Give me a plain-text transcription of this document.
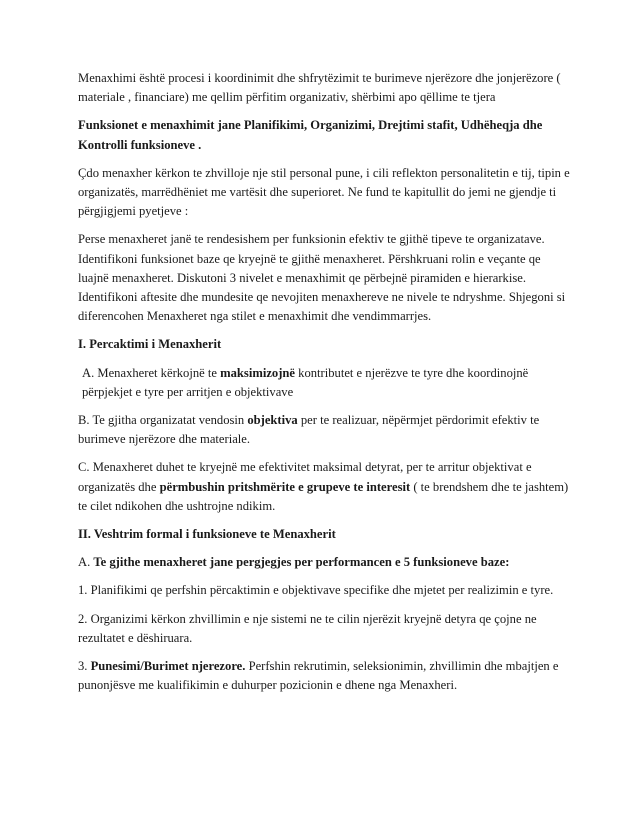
Menaxhimi është procesi i koordinimit dhe shfrytëzimit te burimeve njerëzore dhe jonjerëzore ( materiale , financiare) me qellim përfitim organizativ, shërbimi apo qëllime te tjera

Funksionet e menaxhimit jane Planifikimi, Organizimi, Drejtimi stafit, Udhëheqja dhe Kontrolli funksioneve .

Çdo menaxher kërkon te zhvilloje nje stil personal pune, i cili reflekton personalitetin e tij, tipin e organizatës, marrëdhëniet me vartësit dhe superioret. Ne fund te kapitullit do jemi ne gjendje ti përgjigjemi pyetjeve :

Perse menaxheret janë te rendesishem per funksionin efektiv te gjithë tipeve te organizatave. Identifikoni funksionet baze qe kryejnë te gjithë menaxheret. Përshkruani rolin e veçante qe luajnë menaxheret. Diskutoni 3 nivelet e menaxhimit qe përbejnë piramiden e hierarkise. Identifikoni aftesite dhe mundesite qe nevojiten menaxhereve ne nivele te ndryshme. Shjegoni si diferencohen Menaxheret nga stilet e menaxhimit dhe vendimmarrjes.

I. Percaktimi i Menaxherit

A. Menaxheret kërkojnë te maksimizojnë kontributet e njerëzve te tyre dhe koordinojnë përpjekjet e tyre per arritjen e objektivave

B. Te gjitha organizatat vendosin objektiva per te realizuar, nëpërmjet përdorimit efektiv te burimeve njerëzore dhe materiale.

C. Menaxheret duhet te kryejnë me efektivitet maksimal detyrat, per te arritur objektivat e organizatës dhe përmbushin pritshmërite e grupeve te interesit ( te brendshem dhe te jashtem) te cilet ndikohen dhe ushtrojne ndikim.

II. Veshtrim formal i funksioneve te Menaxherit

A. Te gjithe menaxheret jane pergjegjes per performancen e 5 funksioneve baze:

1. Planifikimi qe perfshin përcaktimin e objektivave specifike dhe mjetet per realizimin e tyre.

2. Organizimi kërkon zhvillimin e nje sistemi ne te cilin njerëzit kryejnë detyra qe çojne ne rezultatet e dëshiruara.

3. Punesimi/Burimet njerezore. Perfshin rekrutimin, seleksionimin, zhvillimin dhe mbajtjen e punonjësve me kualifikimin e duhurper pozicionin e dhene nga Menaxheri.
